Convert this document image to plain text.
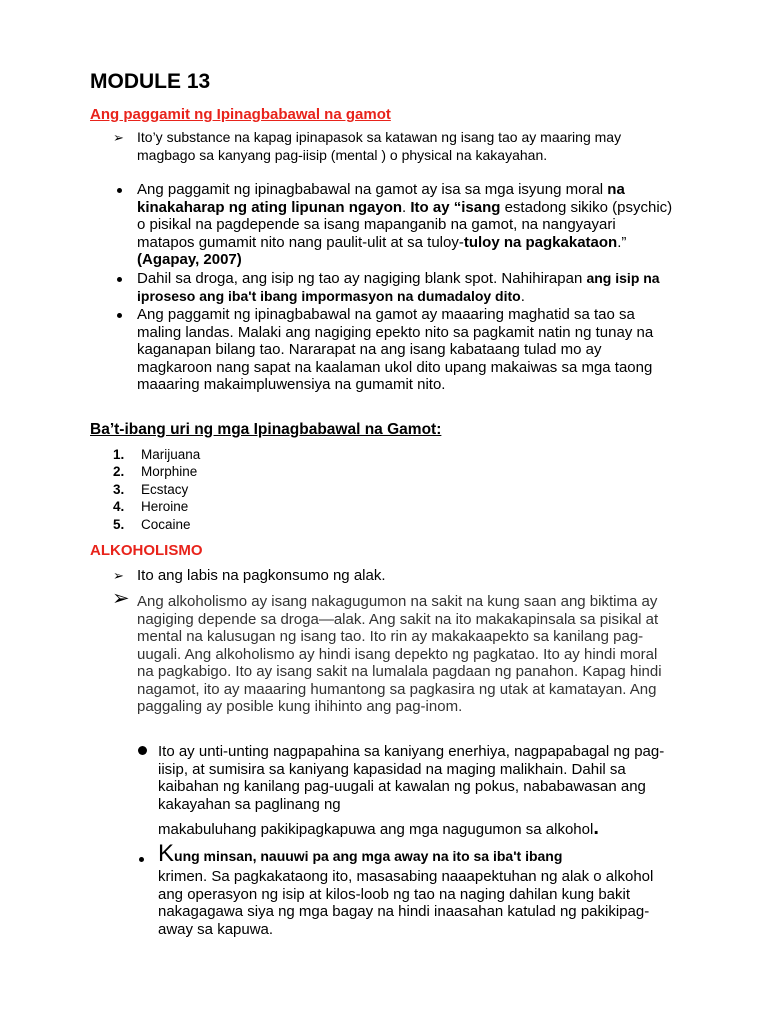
MODULE 13
Ang paggamit ng Ipinagbabawal na gamot
➢ Ito’y substance na kapag ipinapasok sa katawan ng isang tao ay maaring may magbago sa kanyang pag-iisip (mental ) o physical na kakayahan.
Ang paggamit ng ipinagbabawal na gamot ay isa sa mga isyung moral na kinakaharap ng ating lipunan ngayon. Ito ay “isang estadong sikiko (psychic) o pisikal na pagdepende sa isang mapanganib na gamot, na nangyayari matapos gumamit nito nang paulit-ulit at sa tuloy-tuloy na pagkakataon.” (Agapay, 2007)
Dahil sa droga, ang isip ng tao ay nagiging blank spot. Nahihirapan ang isip na iproseso ang iba't ibang impormasyon na dumadaloy dito.
Ang paggamit ng ipinagbabawal na gamot ay maaaring maghatid sa tao sa maling landas. Malaki ang nagiging epekto nito sa pagkamit natin ng tunay na kaganapan bilang tao. Nararapat na ang isang kabataang tulad mo ay magkaroon nang sapat na kaalaman ukol dito upang makaiwas sa mga taong maaaring makaimpluwensiya na gumamit nito.
Ba’t-ibang uri ng mga Ipinagbabawal na Gamot:
1. Marijuana
2. Morphine
3. Ecstacy
4. Heroine
5. Cocaine
ALKOHOLISMO
➢ Ito ang labis na pagkonsumo ng alak.
➢ Ang alkoholismo ay isang nakagugumon na sakit na kung saan ang biktima ay nagiging depende sa droga—alak. Ang sakit na ito makakapinsala sa pisikal at mental na kalusugan ng isang tao. Ito rin ay makakaapekto sa kanilang pag-uugali. Ang alkoholismo ay hindi isang depekto ng pagkatao. Ito ay hindi moral na pagkabigo. Ito ay isang sakit na lumalala pagdaan ng panahon. Kapag hindi nagamot, ito ay maaaring humantong sa pagkasira ng utak at kamatayan. Ang paggaling ay posible kung ihihinto ang pag-inom.
Ito ay unti-unting nagpapahina sa kaniyang enerhiya, nagpapabagal ng pag-iisip, at sumisira sa kaniyang kapasidad na maging malikhain. Dahil sa kaibahan ng kanilang pag-uugali at kawalan ng pokus, nababawasan ang kakayahan sa paglinang ng
makabuluhang pakikipagkapuwa ang mga nagugumon sa alkohol.
Kung minsan, nauuwi pa ang mga away na ito sa iba't ibang
krimen. Sa pagkakataong ito, masasabing naaapektuhan ng alak o alkohol ang operasyon ng isip at kilos-loob ng tao na naging dahilan kung bakit nakagagawa siya ng mga bagay na hindi inaasahan katulad ng pakikipag-away sa kapuwa.
